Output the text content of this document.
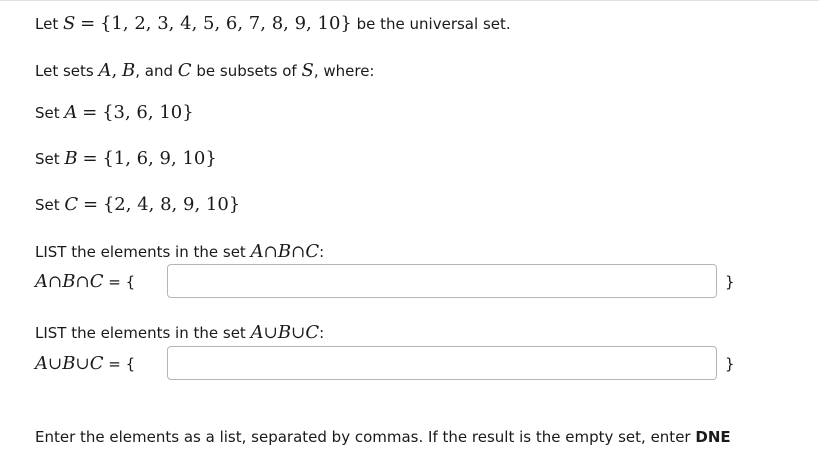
Let S = {1, 2, 3, 4, 5, 6, 7, 8, 9, 10} be the universal set.
Let sets A, B, and C be subsets of S, where:
Set A = {3, 6, 10}
Set B = {1, 6, 9, 10}
Set C = {2, 4, 8, 9, 10}
LIST the elements in the set A∩B∩C:
A∩B∩C = {	}
LIST the elements in the set A∪B∪C:
A∪B∪C = {	}
Enter the elements as a list, separated by commas. If the result is the empty set, enter DNE
